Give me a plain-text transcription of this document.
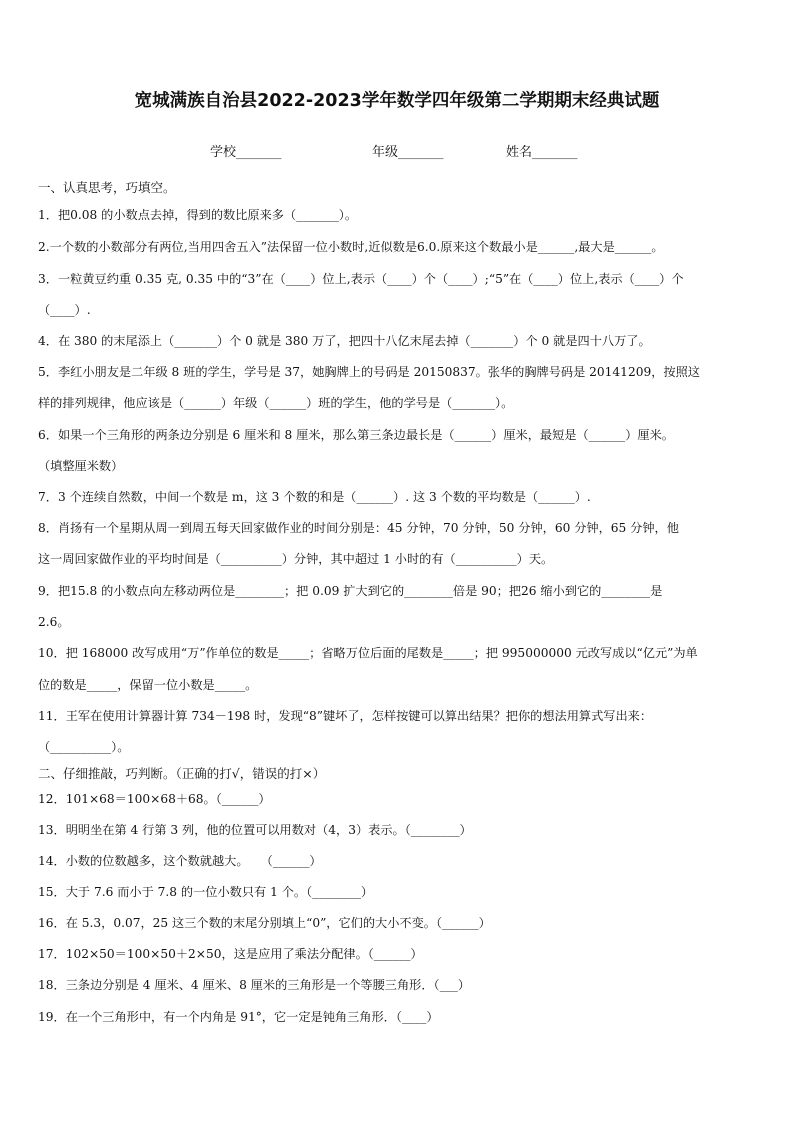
宽城满族自治县2022-2023学年数学四年级第二学期期末经典试题
学校_______	年级_______	姓名_______
一、认真思考，巧填空。
1．把0.08 的小数点去掉，得到的数比原来多（_______）。
2.一个数的小数部分有两位,当用四舍五入”法保留一位小数时,近似数是6.0.原来这个数最小是______,最大是______。
3．一粒黄豆约重 0.35 克, 0.35 中的“3”在（____）位上,表示（____）个（____）;“5”在（____）位上,表示（____）个
（____）.
4．在 380 的末尾添上（_______）个 0 就是 380 万了，把四十八亿末尾去掉（_______）个 0 就是四十八万了。
5．李红小朋友是二年级 8 班的学生，学号是 37，她胸牌上的号码是 20150837。张华的胸牌号码是 20141209，按照这
样的排列规律，他应该是（______）年级（______）班的学生，他的学号是（_______）。
6．如果一个三角形的两条边分别是 6 厘米和 8 厘米，那么第三条边最长是（______）厘米，最短是（______）厘米。
（填整厘米数）
7．3 个连续自然数，中间一个数是 m，这 3 个数的和是（______）. 这 3 个数的平均数是（______）.
8．肖扬有一个星期从周一到周五每天回家做作业的时间分别是：45 分钟，70 分钟，50 分钟，60 分钟，65 分钟，他
这一周回家做作业的平均时间是（__________）分钟，其中超过 1 小时的有（__________）天。
9．把15.8 的小数点向左移动两位是________；把 0.09 扩大到它的________倍是 90；把26 缩小到它的________是
2.6。
10．把 168000 改写成用“万”作单位的数是_____；省略万位后面的尾数是_____；把 995000000 元改写成以“亿元”为单
位的数是_____，保留一位小数是_____。
11．王军在使用计算器计算 734－198 时，发现“8”键坏了，怎样按键可以算出结果？把你的想法用算式写出来：
（__________）。
二、仔细推敲，巧判断。（正确的打√，错误的打×）
12．101×68＝100×68＋68。（______）
13．明明坐在第 4 行第 3 列，他的位置可以用数对（4，3）表示。（________）
14．小数的位数越多，这个数就越大。　　（______）
15．大于 7.6 而小于 7.8 的一位小数只有 1 个。（________）
16．在 5.3，0.07，25 这三个数的末尾分别填上“0”，它们的大小不变。（______）
17．102×50＝100×50＋2×50，这是应用了乘法分配律。（______）
18．三条边分别是 4 厘米、4 厘米、8 厘米的三角形是一个等腰三角形．（___）
19．在一个三角形中，有一个内角是 91°，它一定是钝角三角形．（____）
